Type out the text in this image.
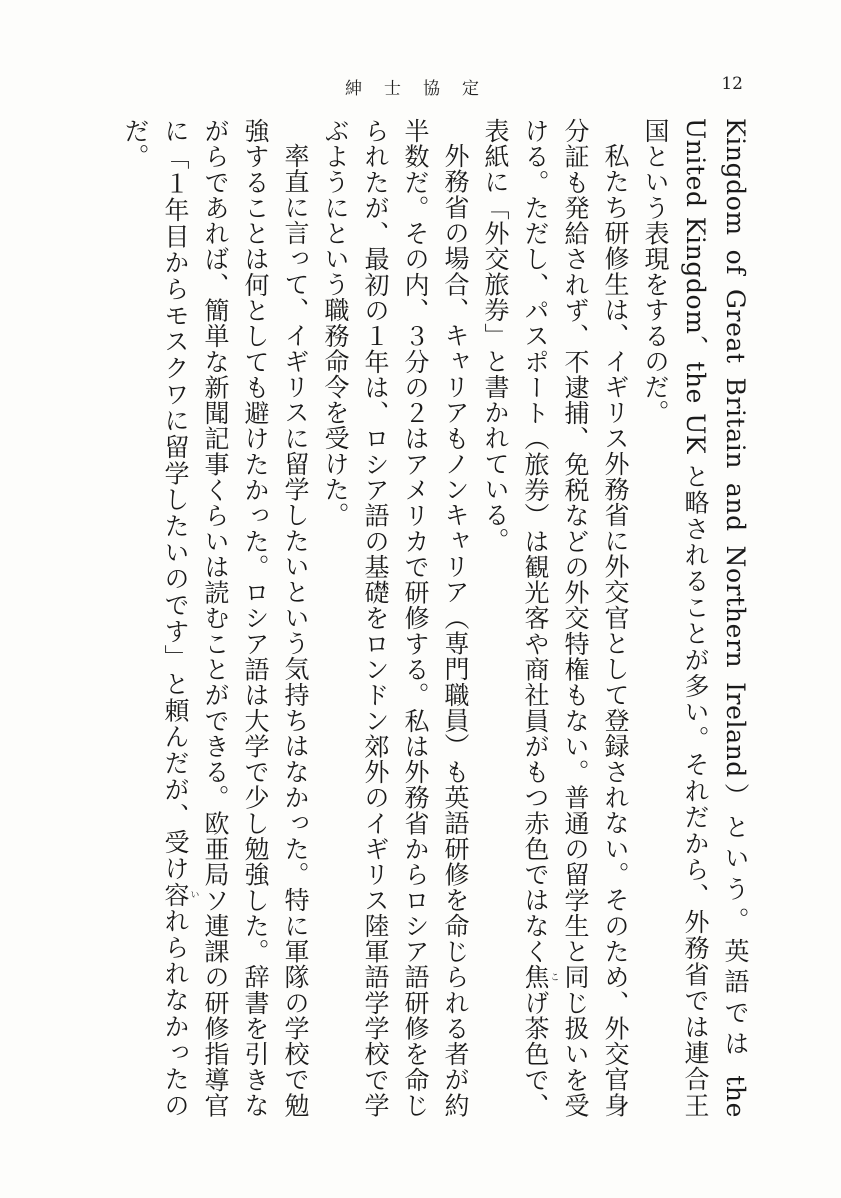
紳士協定	12

Kingdom of Great Britain and Northern Ireland）という。英語では the United Kingdom、the UK と略されることが多い。それだから、外務省では連合王国という表現をするのだ。

私たち研修生は、イギリス外務省に外交官として登録されない。そのため、外交官身分証も発給されず、不逮捕、免税などの外交特権もない。普通の留学生と同じ扱いを受ける。ただし、パスポート（旅券）は観光客や商社員がもつ赤色ではなく焦こげ茶色で、表紙に「外交旅券」と書かれている。

外務省の場合、キャリアもノンキャリア（専門職員）も英語研修を命じられる者が約半数だ。その内、３分の２はアメリカで研修する。私は外務省からロシア語研修を命じられたが、最初の１年は、ロシア語の基礎をロンドン郊外のイギリス陸軍語学学校で学ぶようにという職務命令を受けた。

率直に言って、イギリスに留学したいという気持ちはなかった。特に軍隊の学校で勉強することは何としても避けたかった。ロシア語は大学で少し勉強した。辞書を引きながらであれば、簡単な新聞記事くらいは読むことができる。欧亜局ソ連課の研修指導官に「１年目からモスクワに留学したいのです」と頼んだが、受け容いれられなかったのだ。
